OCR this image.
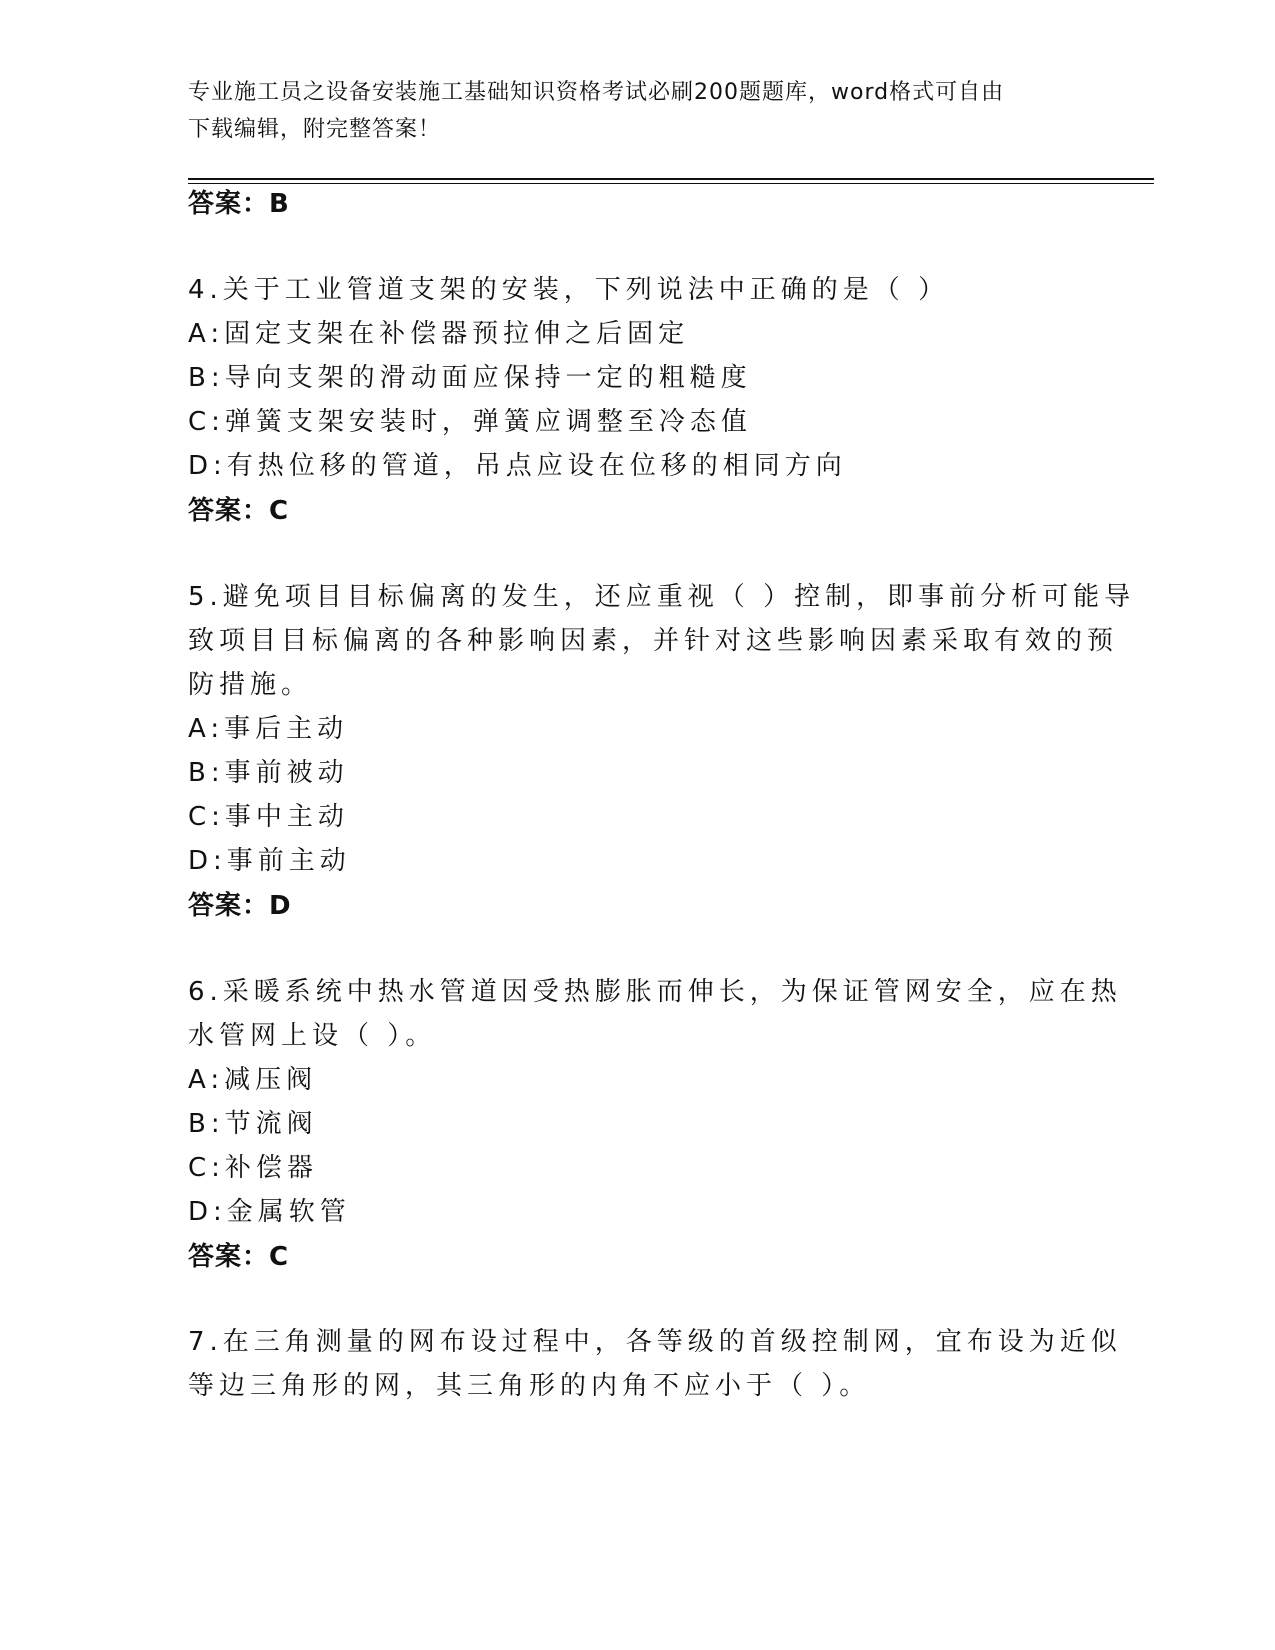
专业施工员之设备安装施工基础知识资格考试必刷200题题库，word格式可自由
下载编辑，附完整答案！
答案：B
4.关于工业管道支架的安装，下列说法中正确的是（ ）
A:固定支架在补偿器预拉伸之后固定
B:导向支架的滑动面应保持一定的粗糙度
C:弹簧支架安装时，弹簧应调整至冷态值
D:有热位移的管道，吊点应设在位移的相同方向
答案：C
5.避免项目目标偏离的发生，还应重视（ ）控制，即事前分析可能导
致项目目标偏离的各种影响因素，并针对这些影响因素采取有效的预
防措施。
A:事后主动
B:事前被动
C:事中主动
D:事前主动
答案：D
6.采暖系统中热水管道因受热膨胀而伸长，为保证管网安全，应在热
水管网上设（ ）。
A:减压阀
B:节流阀
C:补偿器
D:金属软管
答案：C
7.在三角测量的网布设过程中，各等级的首级控制网，宜布设为近似
等边三角形的网，其三角形的内角不应小于（ ）。
